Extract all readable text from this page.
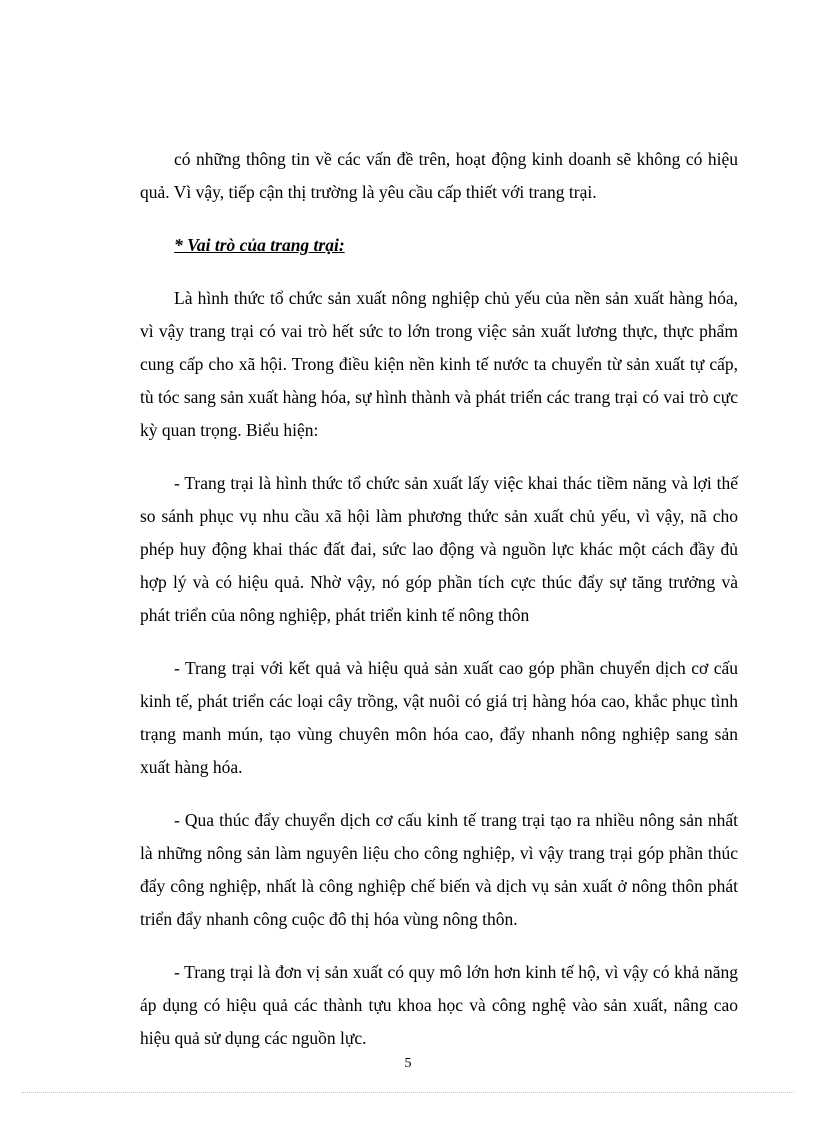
có những thông tin về các vấn đề trên, hoạt động kinh doanh sẽ không có hiệu quả. Vì vậy, tiếp cận thị trường là yêu cầu cấp thiết với trang trại.

* Vai trò của trang trại:

Là hình thức tổ chức sản xuất nông nghiệp chủ yếu của nền sản xuất hàng hóa, vì vậy trang trại có vai trò hết sức to lớn trong việc sản xuất lương thực, thực phẩm cung cấp cho xã hội. Trong điều kiện nền kinh tế nước ta chuyển từ sản xuất tự cấp, tù tóc sang sản xuất hàng hóa, sự hình thành và phát triển các trang trại có vai trò cực kỳ quan trọng. Biểu hiện:

- Trang trại là hình thức tổ chức sản xuất lấy việc khai thác tiềm năng và lợi thế so sánh phục vụ nhu cầu xã hội làm phương thức sản xuất chủ yếu, vì vậy, nã cho phép huy động khai thác đất đai, sức lao động và nguồn lực khác một cách đầy đủ hợp lý và có hiệu quả. Nhờ vậy, nó góp phần tích cực thúc đẩy sự tăng trưởng và phát triển của nông nghiệp, phát triển kinh tế nông thôn

- Trang trại với kết quả và hiệu quả sản xuất cao góp phần chuyển dịch cơ cấu kinh tế, phát triển các loại cây trồng, vật nuôi có giá trị hàng hóa cao, khắc phục tình trạng manh mún, tạo vùng chuyên môn hóa cao, đẩy nhanh nông nghiệp sang sản xuất hàng hóa.

- Qua thúc đẩy chuyển dịch cơ cấu kinh tế trang trại tạo ra nhiều nông sản nhất là những nông sản làm nguyên liệu cho công nghiệp, vì vậy trang trại góp phần thúc đẩy công nghiệp, nhất là công nghiệp chế biến và dịch vụ sản xuất ở nông thôn phát triển đẩy nhanh công cuộc đô thị hóa vùng nông thôn.

- Trang trại là đơn vị sản xuất có quy mô lớn hơn kinh tế hộ, vì vậy có khả năng áp dụng có hiệu quả các thành tựu khoa học và công nghệ vào sản xuất, nâng cao hiệu quả sử dụng các nguồn lực.

5
